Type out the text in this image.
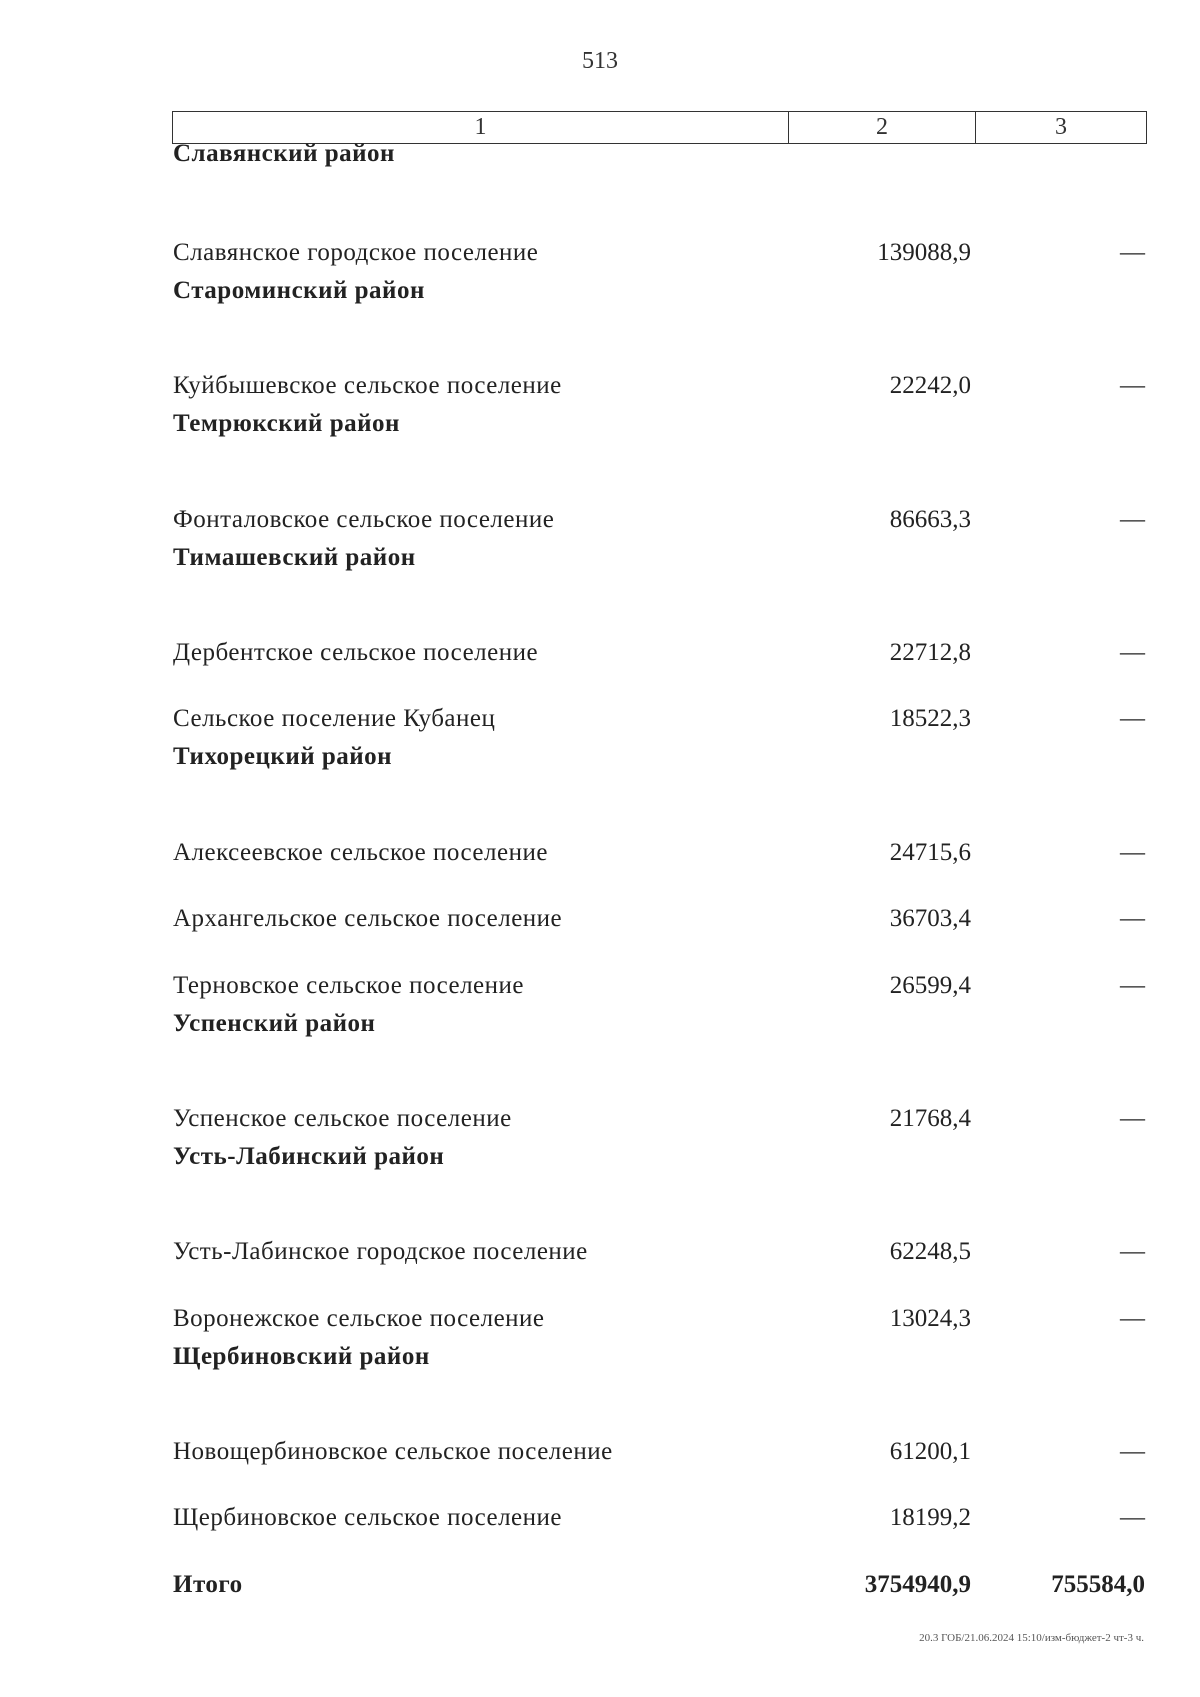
513
1	2	3
Славянский район
Славянское городское поселение	139088,9	—
Староминский район
Куйбышевское сельское поселение	22242,0	—
Темрюкский район
Фонталовское сельское поселение	86663,3	—
Тимашевский район
Дербентское сельское поселение	22712,8	—
Сельское поселение Кубанец	18522,3	—
Тихорецкий район
Алексеевское сельское поселение	24715,6	—
Архангельское сельское поселение	36703,4	—
Терновское сельское поселение	26599,4	—
Успенский район
Успенское сельское поселение	21768,4	—
Усть-Лабинский район
Усть-Лабинское городское поселение	62248,5	—
Воронежское сельское поселение	13024,3	—
Щербиновский район
Новощербиновское сельское поселение	61200,1	—
Щербиновское сельское поселение	18199,2	—
Итого	3754940,9	755584,0
20.3 ГОБ/21.06.2024 15:10/изм-бюджет-2 чт-3 ч.
